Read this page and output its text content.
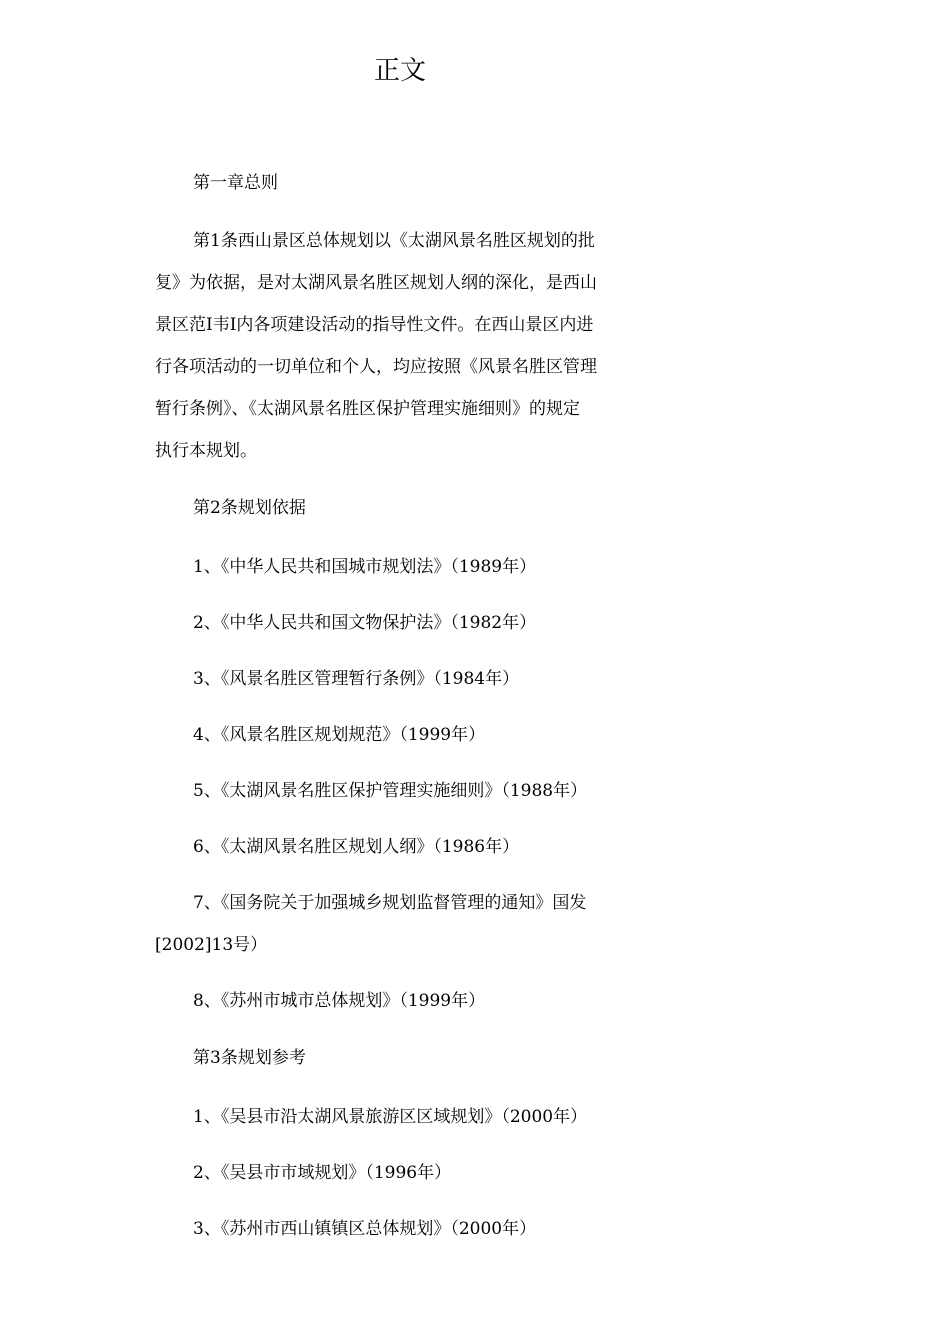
正文
第一章总则
第1条西山景区总体规划以《太湖风景名胜区规划的批
复》为依据，是对太湖风景名胜区规划人纲的深化，是西山
景区范I韦I内各项建设活动的指导性文件。在西山景区内进
行各项活动的一切单位和个人，均应按照《风景名胜区管理
暂行条例》、《太湖风景名胜区保护管理实施细则》的规定
执行本规划。
第2条规划依据
1、《中华人民共和国城市规划法》（1989年）
2、《中华人民共和国文物保护法》（1982年）
3、《风景名胜区管理暂行条例》（1984年）
4、《风景名胜区规划规范》（1999年）
5、《太湖风景名胜区保护管理实施细则》（1988年）
6、《太湖风景名胜区规划人纲》（1986年）
7、《国务院关于加强城乡规划监督管理的通知》国发
[2002]13号）
8、《苏州市城市总体规划》（1999年）
第3条规划参考
1、《吴县市沿太湖风景旅游区区域规划》（2000年）
2、《吴县市市域规划》（1996年）
3、《苏州市西山镇镇区总体规划》（2000年）
